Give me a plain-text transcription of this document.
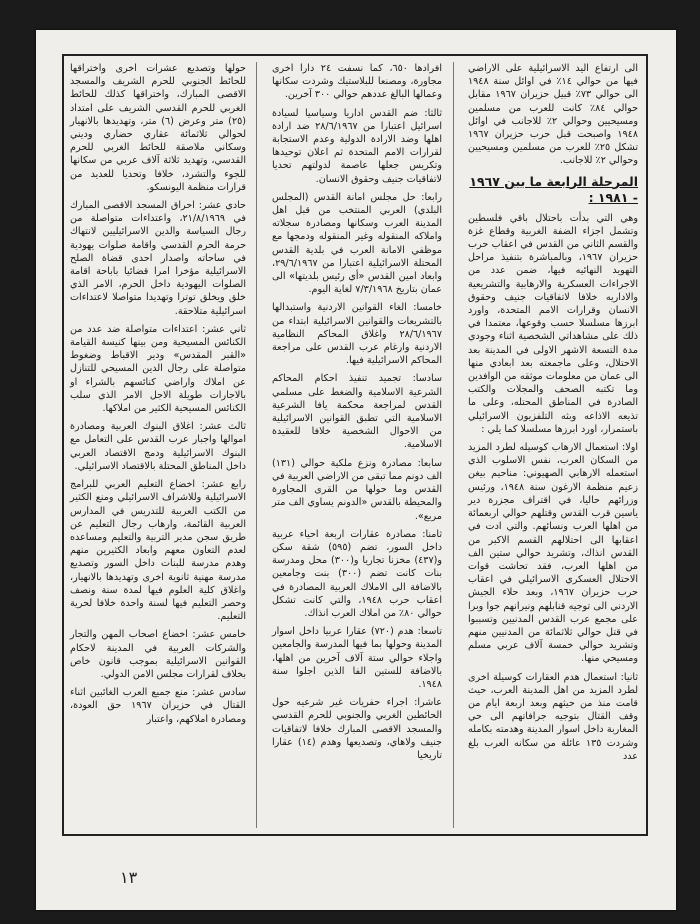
الى ارتفاع اليد الاسرائيلية على الاراضي فيها من حوالي ١٤٪ في اوائل سنة ١٩٤٨ الى حوالي ٧٣٪ قبيل حزيران ١٩٦٧ مقابل حوالي ٨٤٪ كانت للعرب من مسلمين ومسيحيين وحوالي ٢٪ للاجانب في اوائل ١٩٤٨ واصبحت قبل حرب حزيران ١٩٦٧ تشكل ٢٥٪ للعرب من مسلمين ومسيحيين وحوالي ٢٪ للاجانب.

المرحلة الرابعة ما بين ١٩٦٧ - ١٩٨١ :

وهي التي بدأت باحتلال باقي فلسطين وتشمل اجزاء الضفة الغربية وقطاع غزة والقسم الثاني من القدس في اعقاب حرب حزيران ١٩٦٧، وبالمباشرة بتنفيذ مراحل التهويد النهائيه فيها، ضمن عدد من الاجراءات العسكرية والارهابية والتشريعية والاداريه خلافا لاتفاقيات جنيف وحقوق الانسان وقرارات الامم المتحدة، واورد ابرزها مسلسلا حسب وقوعها، معتمدا في ذلك على مشاهداتي الشخصية اثناء وجودي مدة التسعة الاشهر الاولى في المدينة بعد الاحتلال، وعلى ماجمعته بعد ابعادي منها الى عمان من معلومات موثقه من الوافدين وما تكتبه الصحف والمجلات والكتب الصادرة في المناطق المحتله، وعلى ما تذيعه الاذاعه وبثه التلفزيون الاسرائيلي باستمرار، اورد ابرزها مسلسلا كما يلي :

اولا: استعمال الارهاب كوسيله لطرد المزيد من السكان العرب، نفس الاسلوب الذي استعمله الارهابي الصهيوني: مناحيم بيغن زعيم منظمة الارغون سنة ١٩٤٨، ورئيس وزرائهم حاليا، في اقتراف مجزرة دير ياسين قرب القدس وقتلهم حوالي اربعمائة من اهلها العرب ونسائهم. والتي ادت في اعقابها الى احتلالهم القسم الاكبر من القدس انذاك، وتشريد حوالي ستين الف من اهلها العرب، فقد تحاشت قوات الاحتلال العسكري الاسرائيلي في اعقاب حرب حزيران ١٩٦٧، وبعد حلاء الجيش الاردني الى توجيه قنابلهم ونيرانهم جوا وبرا على مجمع عرب القدس المدنيين وتسببوا في قتل حوالي ثلاثمائة من المدنيين منهم وتشريد حوالي خمسة آلاف عربي مسلم ومسيحي منها.

ثانيا: استعمال هدم العقارات كوسيلة اخرى لطرد المزيد من اهل المدينة العرب، حيث قامت منذ من حيثهم وبعد اربعة ايام من وقف القتال بتوجيه جرافاتهم الى حي المغاربة داخل اسوار المدينة وهدمته بكامله وشردت ١٣٥ عائلة من سكانه العرب بلغ عدد

افرادها ٦٥٠، كما نسفت ٢٤ دارا اخرى مجاورة، ومصنعا للبلاستيك وشردت سكانها وعمالها البالغ عددهم حوالي ٣٠٠ آخرين.

ثالثا: ضم القدس اداريا وسياسيا لسيادة اسرائيل اعتبارا من ٢٨/٦/١٩٦٧ ضد ارادة اهلها وضد الارادة الدولية وعدم الاستجابة لقرارات الامم المتحدة ثم اعلان توحيدها وتكريس جعلها عاصمة لدولتهم تحديا لاتفاقيات جنيف وحقوق الانسان.

رابعا: حل مجلس امانة القدس (المجلس البلدي) العربي المنتخب من قبل اهل المدينة العرب وسكانها ومصادرة سجلاته واملاكه المنقوله وغير المنقوله ودمجها مع موظفي الامانة العرب في بلدية القدس المحتلة الاسرائيلية اعتبارا من ٢٩/٦/١٩٦٧، وابعاد امين القدس «أي رئيس بلديتها» الى عمان بتاريخ ٧/٣/١٩٦٨ لغاية اليوم.

خامسا: الغاء القوانين الاردنية واستبدالها بالتشريعات والقوانين الاسرائيلية ابتداء من ٢٨/٦/١٩٦٧ واغلاق المحاكم النظامية الاردنية وارغام عرب القدس على مراجعة المحاكم الاسرائيلية فيها.

سادسا: تجميد تنفيذ احكام المحاكم الشرعية الاسلامية والضغط على مسلمي القدس لمراجعة محكمة يافا الشرعية الاسلامية التي تطبق القوانين الاسرائيلية من الاحوال الشخصية خلافا للعقيدة الاسلامية.

سابعا: مصادرة ونزع ملكية حوالي (١٣١) الف دونم مما تبقى من الاراضي العربية في القدس وما حولها من القرى المجاورة والمحيطة بالقدس «الدونم يساوي الف متر مربع».

ثامنا: مصادرة عقارات اربعة احياء عربية داخل السور، تضم (٥٩٥) شقة سكن و(٤٣٧) مخزنا تجاريا و(٣٠٠) محل ومدرسة بنات كانت تضم (٣٠٠) بنت وجامعين بالاضافة الى الاملاك العربية المصادرة في اعقاب حرب ١٩٤٨، والتي كانت تشكل حوالي ٨٠٪ من املاك العرب انذاك.

تاسعا: هدم (٧٢٠) عقارا عربيا داخل اسوار المدينة وحولها بما فيها المدرسة والجامعين واجلاء حوالي ستة آلاف آخرين من اهلها، بالاضافة للستين الفا الذين اجلوا سنة ١٩٤٨.

عاشرا: اجراء حفريات غير شرعيه حول الحائطين الغربي والجنوبي للحرم القدسي والمسجد الاقصى المبارك خلافا لاتفاقيات جنيف ولاهاي، وتصديعها وهدم (١٤) عقارا تاريخيا

حولها وتصديع عشرات اخرى واختراقها للحائط الجنوبي للحرم الشريف والمسجد الاقصى المبارك، واختراقها كذلك للحائط الغربي للحرم القدسي الشريف على امتداد (٢٥) متر وعرض (٦) متر، وتهديدها بالانهيار لحوالي ثلاثمائة عقاري حضاري وديني وسكاني ملاصقة للحائط الغربي للحرم القدسي، وتهديد ثلاثة آلاف عربي من سكانها للجوء والتشرد، خلافا وتحديا للعديد من قرارات منظمة اليونسكو.

حادي عشر: احراق المسجد الاقصى المبارك في ٢١/٨/١٩٦٩، واعتداءات متواصلة من رجال السياسة والدين الاسرائيليين لانتهاك حرمة الحرم القدسي واقامة صلوات يهودية في ساحاته واصدار احدى قضاة الصلح الاسرائيلية مؤخرا امرا قضائيا باباحة اقامة الصلوات اليهودية داخل الحرم، الامر الذي خلق ويخلق توترا وتهديدا متواصلا لاعتداءات اسرائيلية متلاحقة.

ثاني عشر: اعتداءات متواصلة ضد عدد من الكنائس المسيحية ومن بينها كنيسة القيامة «القبر المقدس» ودير الاقباط وضغوط متواصلة على رجال الدين المسيحي للتنازل عن املاك واراضي كنائسهم بالشراء او بالاجارات طويلة الاجل الامر الذي سلب الكنائس المسيحية الكثير من املاكها.

ثالث عشر: اغلاق البنوك العربية ومصادرة اموالها واجبار عرب القدس على التعامل مع البنوك الاسرائيلية ودمج الاقتصاد العربي داخل المناطق المحتلة بالاقتصاد الاسرائيلي.

رابع عشر: اخضاع التعليم العربي للبرامج الاسرائيلية وللاشراف الاسرائيلي ومنع الكثير من الكتب العربية للتدريس في المدارس العربية القائمة، وارهاب رجال التعليم عن طريق سجن مدير التربية والتعليم ومساعده لعدم التعاون معهم وابعاد الكثيرين منهم وهدم مدرسة للبنات داخل السور وتصديع مدرسة مهنية ثانوية اخرى وتهديدها بالانهيار، واغلاق كلية العلوم فيها لمدة سنة ونصف وحصر التعليم فيها لسنة واحدة خلافا لحرية التعليم.

خامس عشر: اخضاع اصحاب المهن والتجار والشركات العربية في المدينة لاحكام القوانين الاسرائيلية بموجب قانون خاص بخلاف لقرارات مجلس الامن الدولي.

سادس عشر: منع جميع العرب الغائبين اثناء القتال في حزيران ١٩٦٧ حق العودة، ومصادرة املاكهم، واعتبار

١٣
